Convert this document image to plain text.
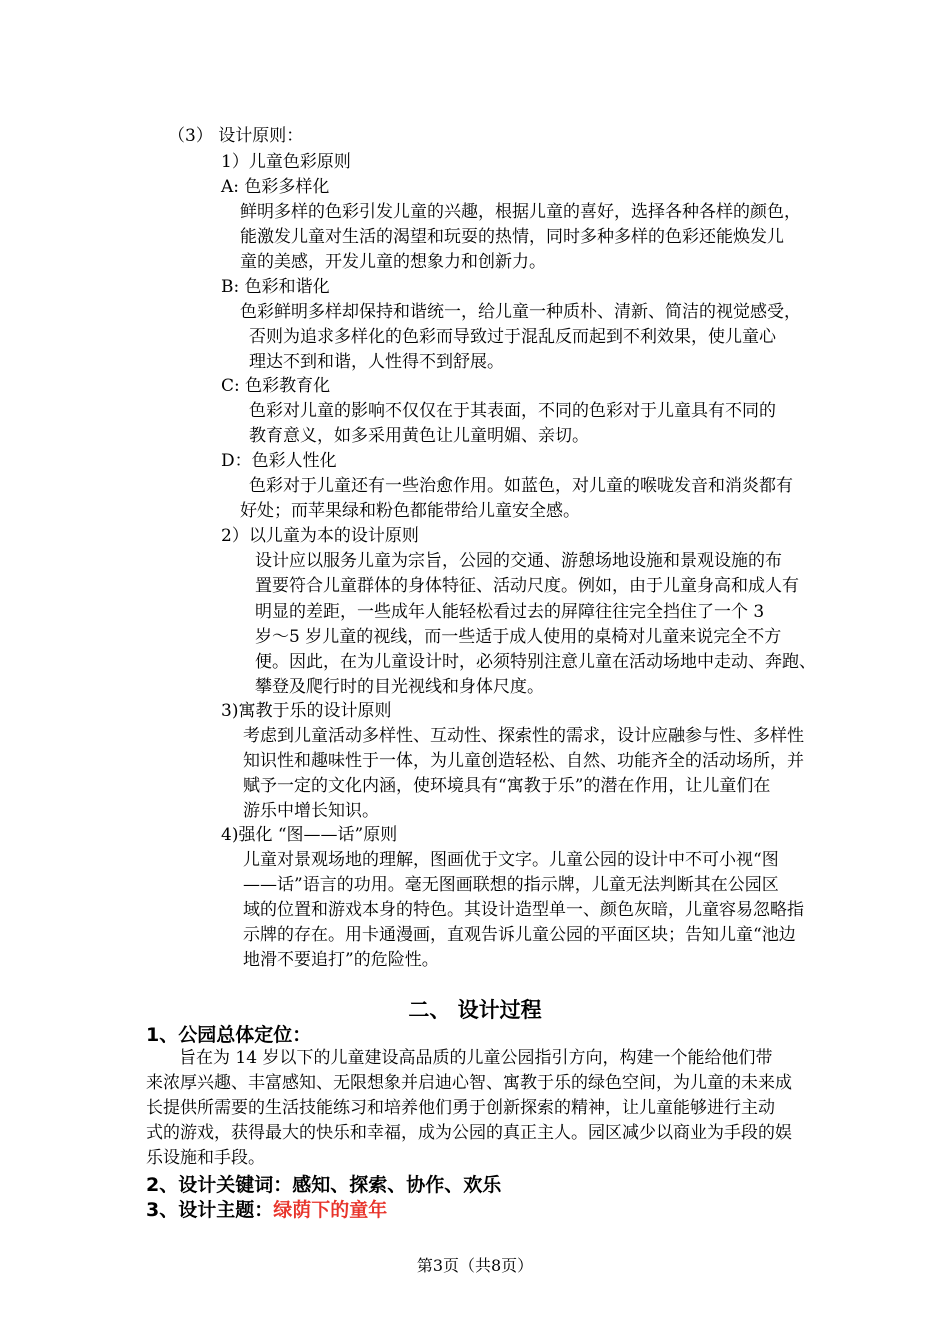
（3） 设计原则：
1）儿童色彩原则
A: 色彩多样化
鲜明多样的色彩引发儿童的兴趣，根据儿童的喜好，选择各种各样的颜色，
能激发儿童对生活的渴望和玩耍的热情，同时多种多样的色彩还能焕发儿
童的美感，开发儿童的想象力和创新力。
B: 色彩和谐化
色彩鲜明多样却保持和谐统一，给儿童一种质朴、清新、简洁的视觉感受，
否则为追求多样化的色彩而导致过于混乱反而起到不利效果，使儿童心
理达不到和谐，人性得不到舒展。
C: 色彩教育化
色彩对儿童的影响不仅仅在于其表面，不同的色彩对于儿童具有不同的
教育意义，如多采用黄色让儿童明媚、亲切。
D：色彩人性化
色彩对于儿童还有一些治愈作用。如蓝色，对儿童的喉咙发音和消炎都有
好处；而苹果绿和粉色都能带给儿童安全感。
2）以儿童为本的设计原则
设计应以服务儿童为宗旨，公园的交通、游憩场地设施和景观设施的布
置要符合儿童群体的身体特征、活动尺度。例如，由于儿童身高和成人有
明显的差距，一些成年人能轻松看过去的屏障往往完全挡住了一个 3
岁～5 岁儿童的视线，而一些适于成人使用的桌椅对儿童来说完全不方
便。因此，在为儿童设计时，必须特别注意儿童在活动场地中走动、奔跑、
攀登及爬行时的目光视线和身体尺度。
3)寓教于乐的设计原则
考虑到儿童活动多样性、互动性、探索性的需求，设计应融参与性、多样性
知识性和趣味性于一体，为儿童创造轻松、自然、功能齐全的活动场所，并
赋予一定的文化内涵，使环境具有“寓教于乐”的潜在作用，让儿童们在
游乐中增长知识。
4)强化 “图——话”原则
儿童对景观场地的理解，图画优于文字。儿童公园的设计中不可小视“图
——话”语言的功用。毫无图画联想的指示牌，儿童无法判断其在公园区
域的位置和游戏本身的特色。其设计造型单一、颜色灰暗，儿童容易忽略指
示牌的存在。用卡通漫画，直观告诉儿童公园的平面区块；告知儿童“池边
地滑不要追打”的危险性。
二、 设计过程
1、公园总体定位：
旨在为 14 岁以下的儿童建设高品质的儿童公园指引方向，构建一个能给他们带
来浓厚兴趣、丰富感知、无限想象并启迪心智、寓教于乐的绿色空间，为儿童的未来成
长提供所需要的生活技能练习和培养他们勇于创新探索的精神，让儿童能够进行主动
式的游戏，获得最大的快乐和幸福，成为公园的真正主人。园区减少以商业为手段的娱
乐设施和手段。
2、设计关键词：感知、探索、协作、欢乐
3、设计主题：绿荫下的童年
第3页（共8页）
